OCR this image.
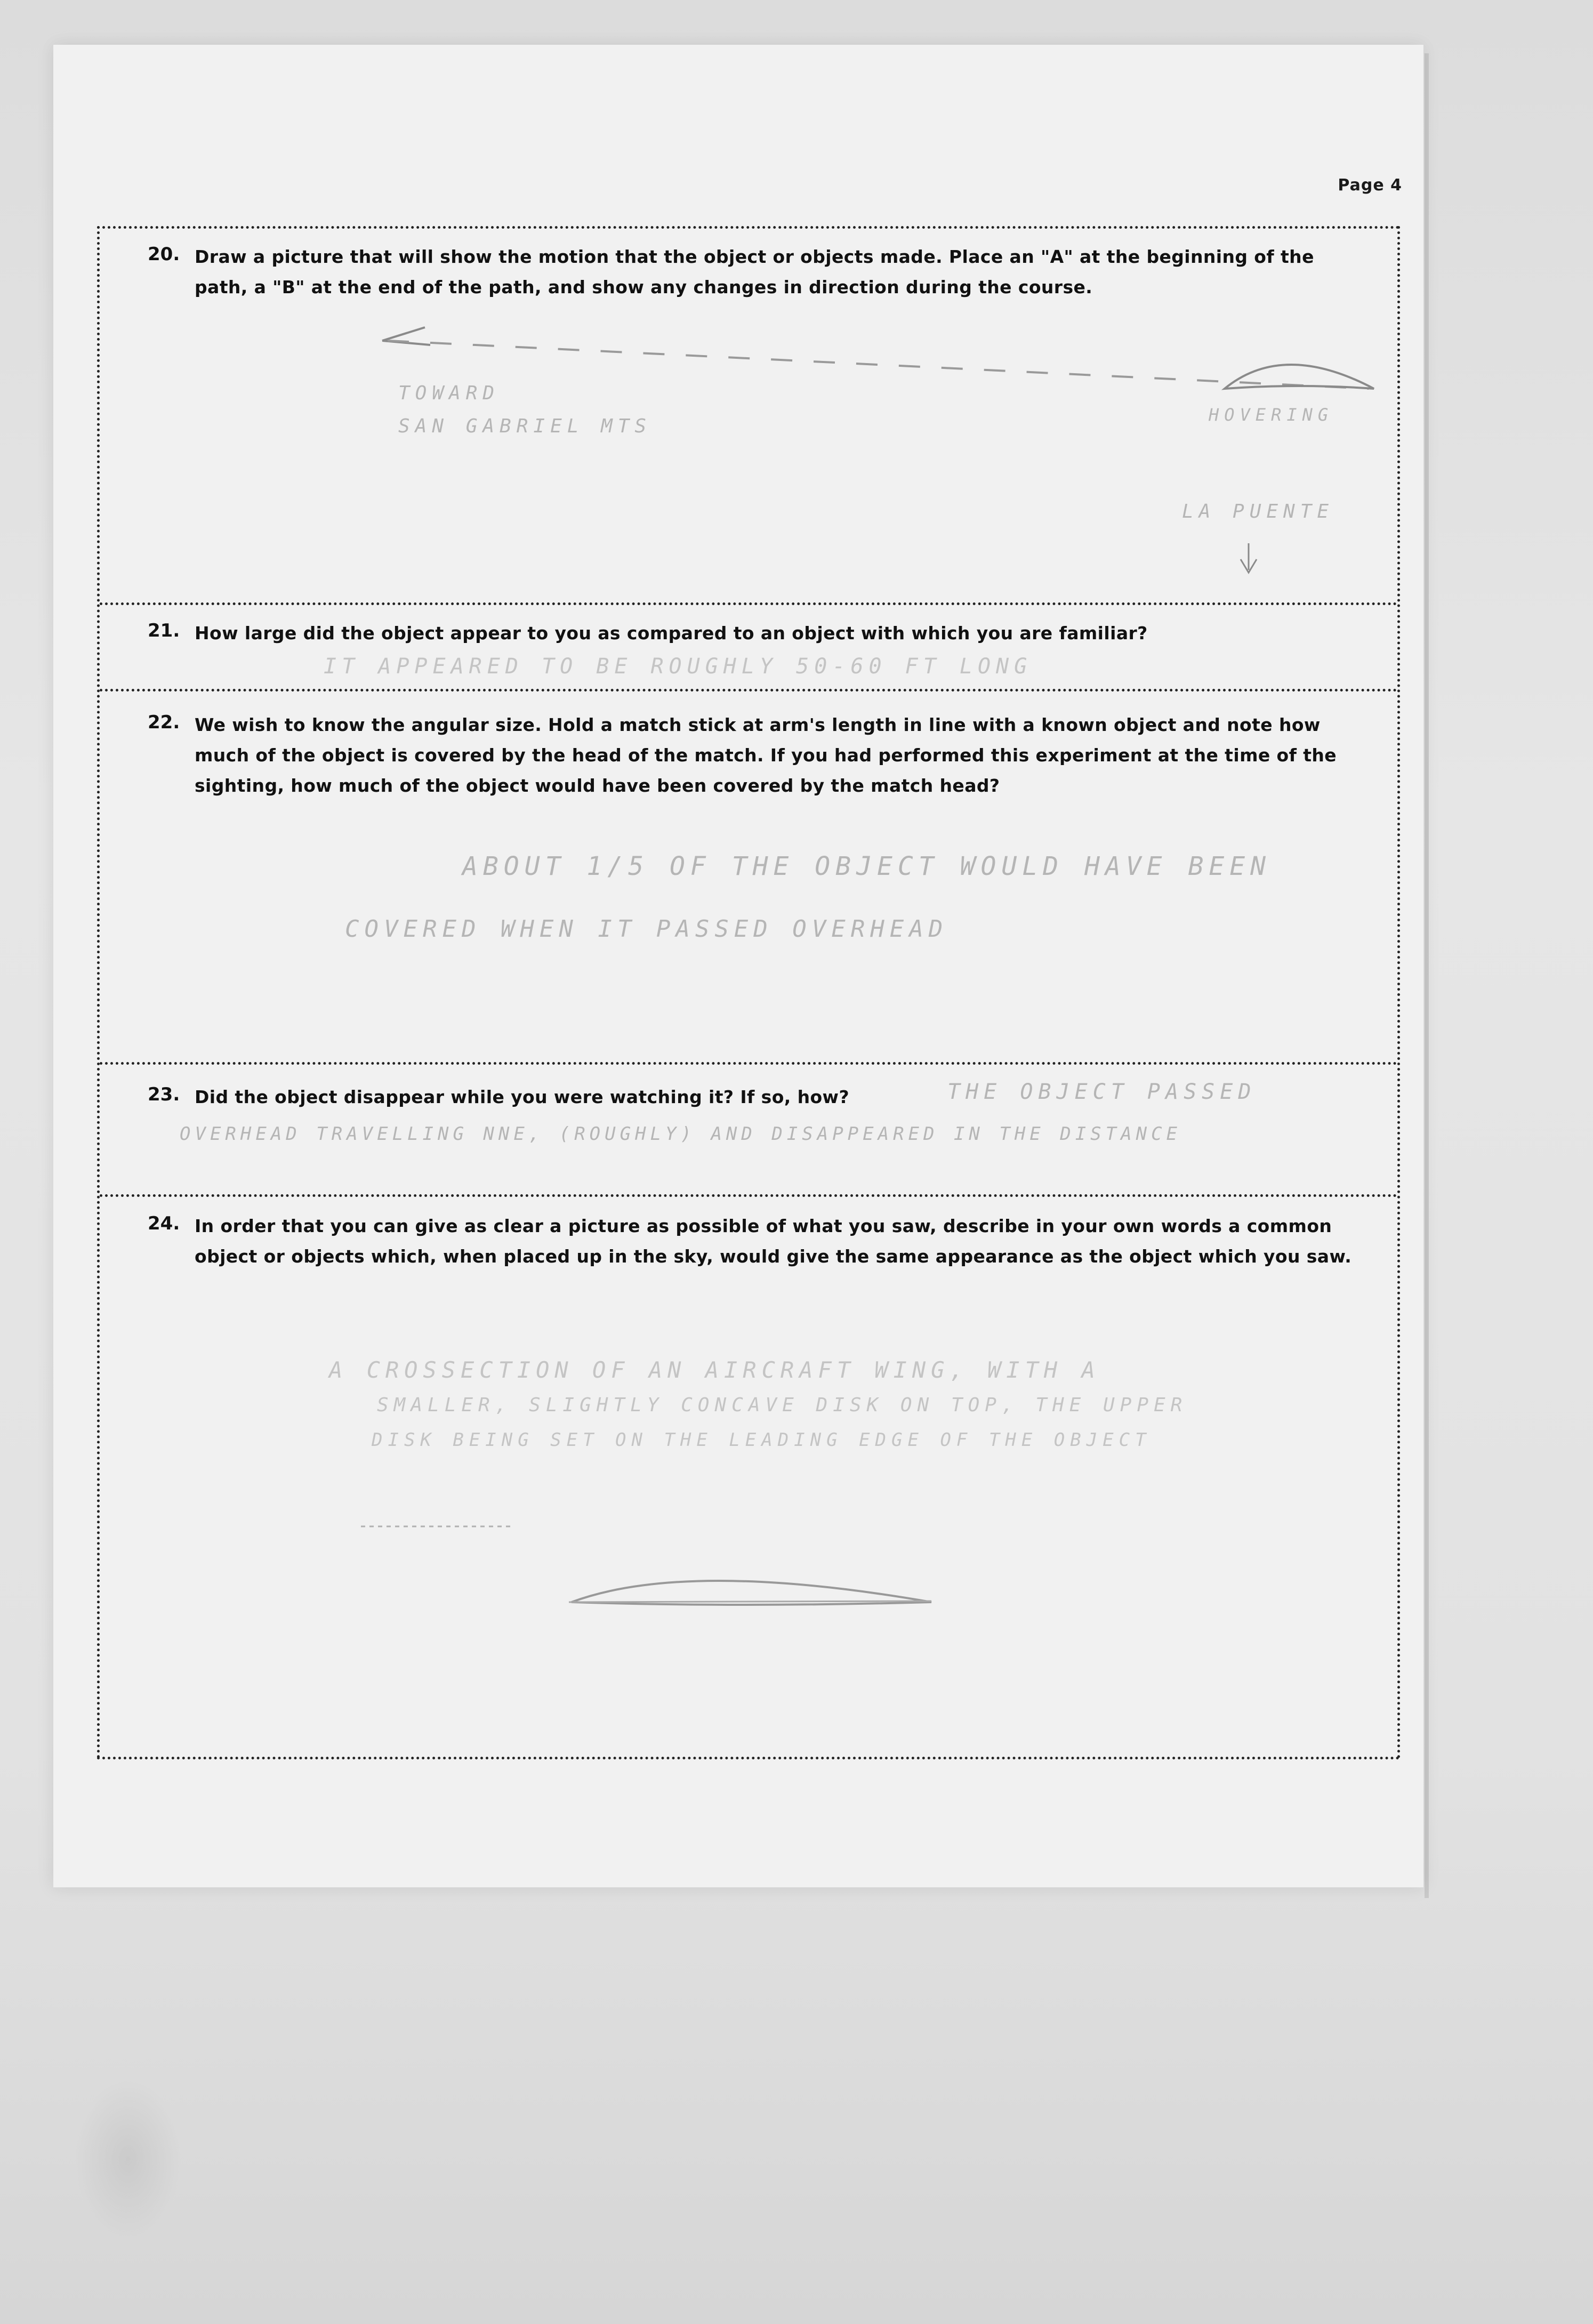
Page 4
20. Draw a picture that will show the motion that the object or objects made. Place an "A" at the beginning of the path, a "B" at the end of the path, and show any changes in direction during the course.
TOWARD
SAN GABRIEL MTS
HOVERING
LA PUENTE
21. How large did the object appear to you as compared to an object with which you are familiar?
IT APPEARED TO BE ROUGHLY 50-60 FT LONG
22. We wish to know the angular size. Hold a match stick at arm's length in line with a known object and note how much of the object is covered by the head of the match. If you had performed this experiment at the time of the sighting, how much of the object would have been covered by the match head?
ABOUT 1/5 OF THE OBJECT WOULD HAVE BEEN
COVERED WHEN IT PASSED OVERHEAD
23. Did the object disappear while you were watching it? If so, how?	THE OBJECT PASSED
OVERHEAD TRAVELLING NNE, (ROUGHLY) AND DISAPPEARED IN THE DISTANCE
24. In order that you can give as clear a picture as possible of what you saw, describe in your own words a common object or objects which, when placed up in the sky, would give the same appearance as the object which you saw.
A CROSSECTION OF AN AIRCRAFT WING, WITH A
SMALLER, SLIGHTLY CONCAVE DISK ON TOP, THE UPPER
DISK BEING SET ON THE LEADING EDGE OF THE OBJECT
